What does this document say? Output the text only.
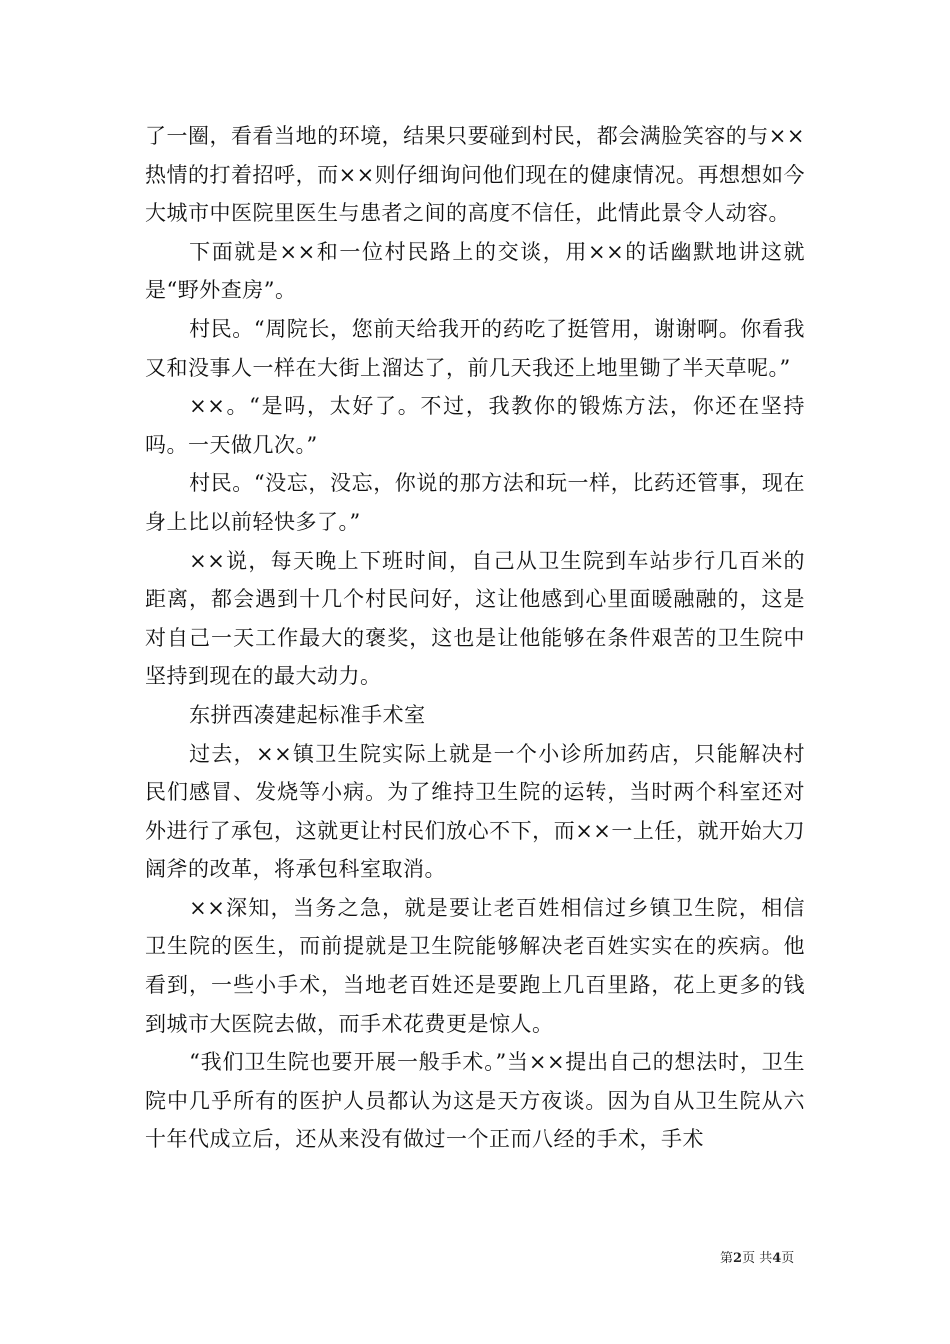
了一圈，看看当地的环境，结果只要碰到村民，都会满脸笑容的与××热情的打着招呼，而××则仔细询问他们现在的健康情况。再想想如今大城市中医院里医生与患者之间的高度不信任，此情此景令人动容。

下面就是××和一位村民路上的交谈，用××的话幽默地讲这就是“野外查房”。

村民。“周院长，您前天给我开的药吃了挺管用，谢谢啊。你看我又和没事人一样在大街上溜达了，前几天我还上地里锄了半天草呢。”

××。“是吗，太好了。不过，我教你的锻炼方法，你还在坚持吗。一天做几次。”

村民。“没忘，没忘，你说的那方法和玩一样，比药还管事，现在身上比以前轻快多了。”

××说，每天晚上下班时间，自己从卫生院到车站步行几百米的距离，都会遇到十几个村民问好，这让他感到心里面暖融融的，这是对自己一天工作最大的褒奖，这也是让他能够在条件艰苦的卫生院中坚持到现在的最大动力。

东拼西凑建起标准手术室

过去，××镇卫生院实际上就是一个小诊所加药店，只能解决村民们感冒、发烧等小病。为了维持卫生院的运转，当时两个科室还对外进行了承包，这就更让村民们放心不下，而××一上任，就开始大刀阔斧的改革，将承包科室取消。

××深知，当务之急，就是要让老百姓相信过乡镇卫生院，相信卫生院的医生，而前提就是卫生院能够解决老百姓实实在的疾病。他看到，一些小手术，当地老百姓还是要跑上几百里路，花上更多的钱到城市大医院去做，而手术花费更是惊人。

“我们卫生院也要开展一般手术。”当××提出自己的想法时，卫生院中几乎所有的医护人员都认为这是天方夜谈。因为自从卫生院从六十年代成立后，还从来没有做过一个正而八经的手术，手术

第2页 共4页
